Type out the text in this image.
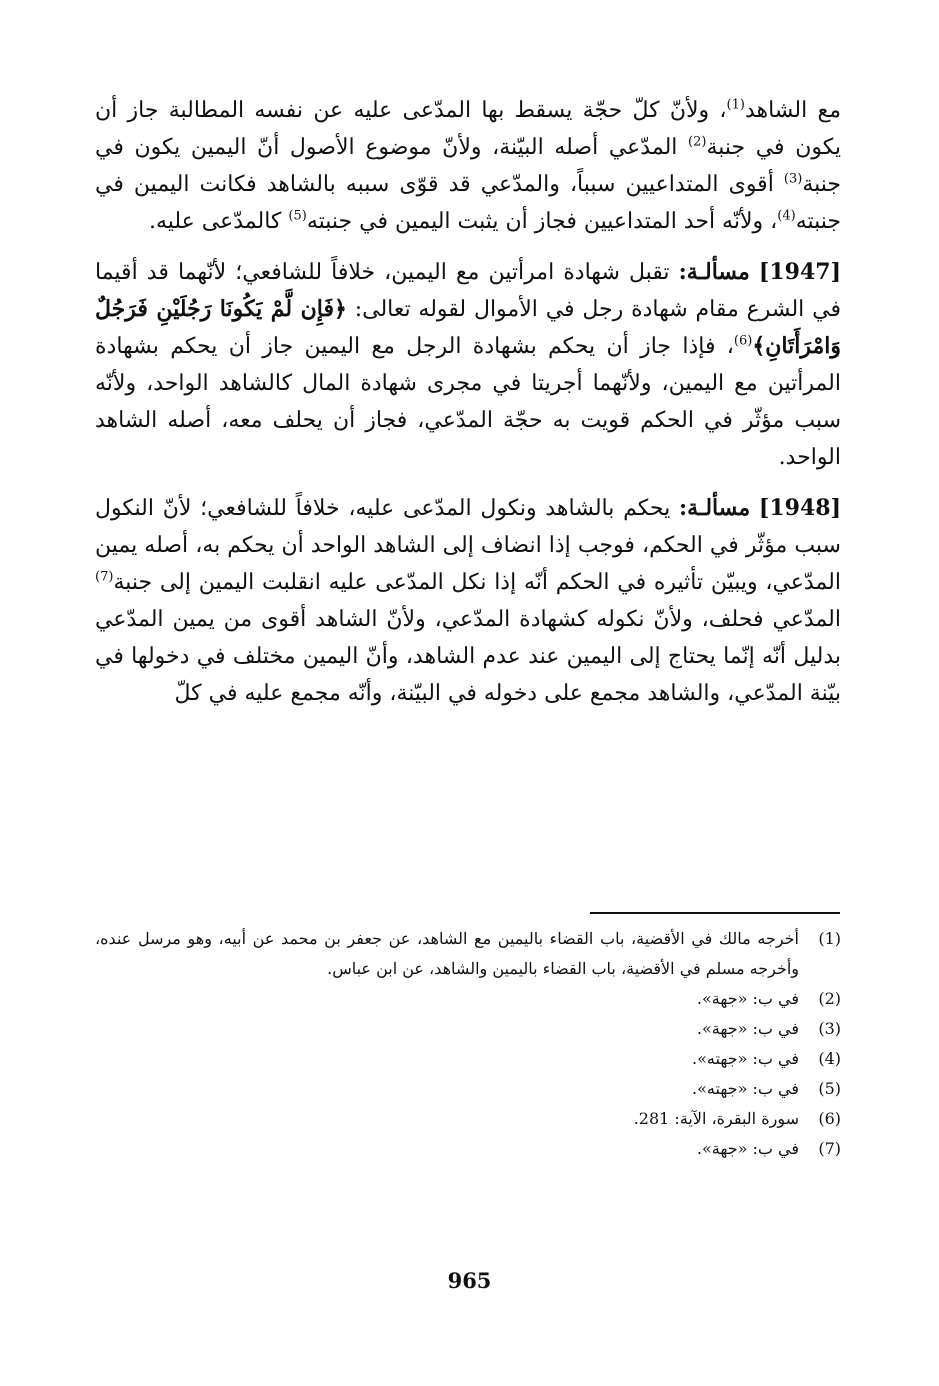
مع الشاهد$^{(1)}$، ولأنّ كلّ حجّة يسقط بها المدّعى عليه عن نفسه المطالبة جاز أن يكون في جنبة$^{(2)}$ المدّعي أصله البيّنة، ولأنّ موضوع الأصول أنّ اليمين يكون في جنبة$^{(3)}$ أقوى المتداعيين سبباً، والمدّعي قد قوّى سببه بالشاهد فكانت اليمين في جنبته$^{(4)}$، ولأنّه أحد المتداعيين فجاز أن يثبت اليمين في جنبته$^{(5)}$ كالمدّعى عليه.

[1947] مسألـة: تقبل شهادة امرأتين مع اليمين، خلافاً للشافعي؛ لأنّهما قد أقيما في الشرع مقام شهادة رجل في الأموال لقوله تعالى: ﴿فَإِن لَّمْ يَكُونَا رَجُلَيْنِ فَرَجُلٌ وَامْرَأَتَانِ﴾$^{(6)}$، فإذا جاز أن يحكم بشهادة الرجل مع اليمين جاز أن يحكم بشهادة المرأتين مع اليمين، ولأنّهما أجريتا في مجرى شهادة المال كالشاهد الواحد، ولأنّه سبب مؤثّر في الحكم قويت به حجّة المدّعي، فجاز أن يحلف معه، أصله الشاهد الواحد.

[1948] مسألـة: يحكم بالشاهد ونكول المدّعى عليه، خلافاً للشافعي؛ لأنّ النكول سبب مؤثّر في الحكم، فوجب إذا انضاف إلى الشاهد الواحد أن يحكم به، أصله يمين المدّعي، ويبيّن تأثيره في الحكم أنّه إذا نكل المدّعى عليه انقلبت اليمين إلى جنبة$^{(7)}$ المدّعي فحلف، ولأنّ نكوله كشهادة المدّعي، ولأنّ الشاهد أقوى من يمين المدّعي بدليل أنّه إنّما يحتاج إلى اليمين عند عدم الشاهد، وأنّ اليمين مختلف في دخولها في بيّنة المدّعي، والشاهد مجمع على دخوله في البيّنة، وأنّه مجمع عليه في كلّ

(1)
أخرجه مالك في الأقضية، باب القضاء باليمين مع الشاهد، عن جعفر بن محمد عن أبيه، وهو مرسل عنده، وأخرجه مسلم في الأقضية، باب القضاء باليمين والشاهد، عن ابن عباس.
(2)
في ب: «جهة».
(3)
في ب: «جهة».
(4)
في ب: «جهته».
(5)
في ب: «جهته».
(6)
سورة البقرة، الآية: 281.
(7)
في ب: «جهة».
965
